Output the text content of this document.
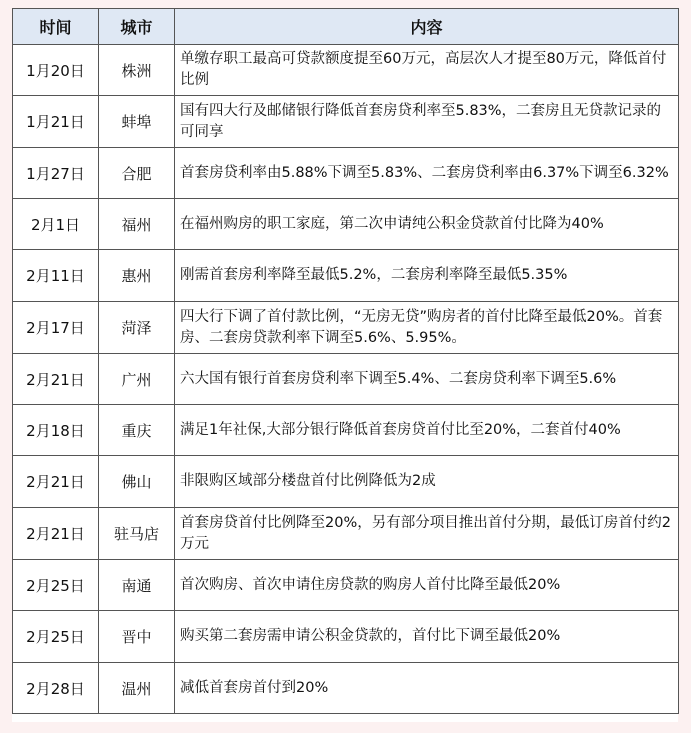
时间	城市	内容
1月20日	株洲	单缴存职工最高可贷款额度提至60万元，高层次人才提至80万元，降低首付比例
1月21日	蚌埠	国有四大行及邮储银行降低首套房贷利率至5.83%，二套房且无贷款记录的可同享
1月27日	合肥	首套房贷利率由5.88%下调至5.83%、二套房贷利率由6.37%下调至6.32%
2月1日	福州	在福州购房的职工家庭，第二次申请纯公积金贷款首付比降为40%
2月11日	惠州	刚需首套房利率降至最低5.2%，二套房利率降至最低5.35%
2月17日	菏泽	四大行下调了首付款比例，“无房无贷”购房者的首付比降至最低20%。首套房、二套房贷款利率下调至5.6%、5.95%。
2月21日	广州	六大国有银行首套房贷利率下调至5.4%、二套房贷利率下调至5.6%
2月18日	重庆	满足1年社保,大部分银行降低首套房贷首付比至20%，二套首付40%
2月21日	佛山	非限购区域部分楼盘首付比例降低为2成
2月21日	驻马店	首套房贷首付比例降至20%，另有部分项目推出首付分期，最低订房首付约2万元
2月25日	南通	首次购房、首次申请住房贷款的购房人首付比降至最低20%
2月25日	晋中	购买第二套房需申请公积金贷款的，首付比下调至最低20%
2月28日	温州	减低首套房首付到20%
